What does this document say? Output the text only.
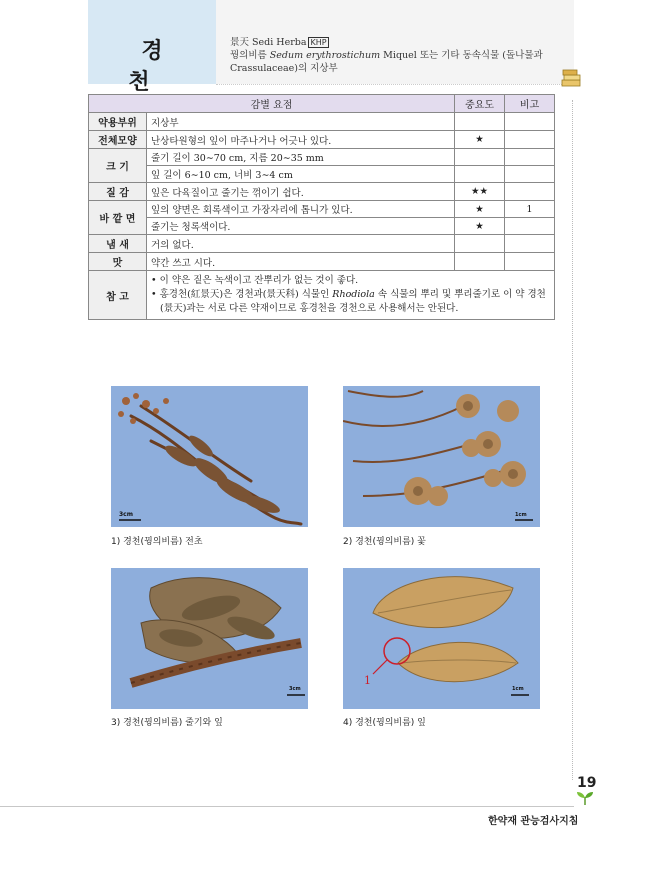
경 천
景天 Sedi Herba KHP
꿩의비름 Sedum erythrostichum Miquel 또는 기타 동속식물 (돌나물과
Crassulaceae)의 지상부
감별 요점		중요도	비고
약용부위	지상부		
전체모양	난상타원형의 잎이 마주나거나 어긋나 있다.	★	
크 기	줄기 길이 30∼70 cm, 지름 20∼35 mm		
	잎 길이 6∼10 cm, 너비 3∼4 cm		
질 감	잎은 다육질이고 줄기는 꺾이기 쉽다.	★★	
바 깥 면	잎의 양면은 회록색이고 가장자리에 톱니가 있다.	★	1
	줄기는 청록색이다.	★	
냄 새	거의 없다.		
맛	약간 쓰고 시다.		
참 고	• 이 약은 짙은 녹색이고 잔뿌리가 없는 것이 좋다.
• 홍경천(紅景天)은 경천과(景天科) 식물인 Rhodiola 속 식물의 뿌리 및 뿌리줄기로 이 약 경천(景天)과는 서로 다른 약재이므로 홍경천을 경천으로 사용해서는 안된다.		
3cm
1) 경천(꿩의비름) 전초
1cm
2) 경천(꿩의비름) 꽃
3cm
3) 경천(꿩의비름) 줄기와 잎
1
1cm
4) 경천(꿩의비름) 잎
19
한약재 관능검사지침
